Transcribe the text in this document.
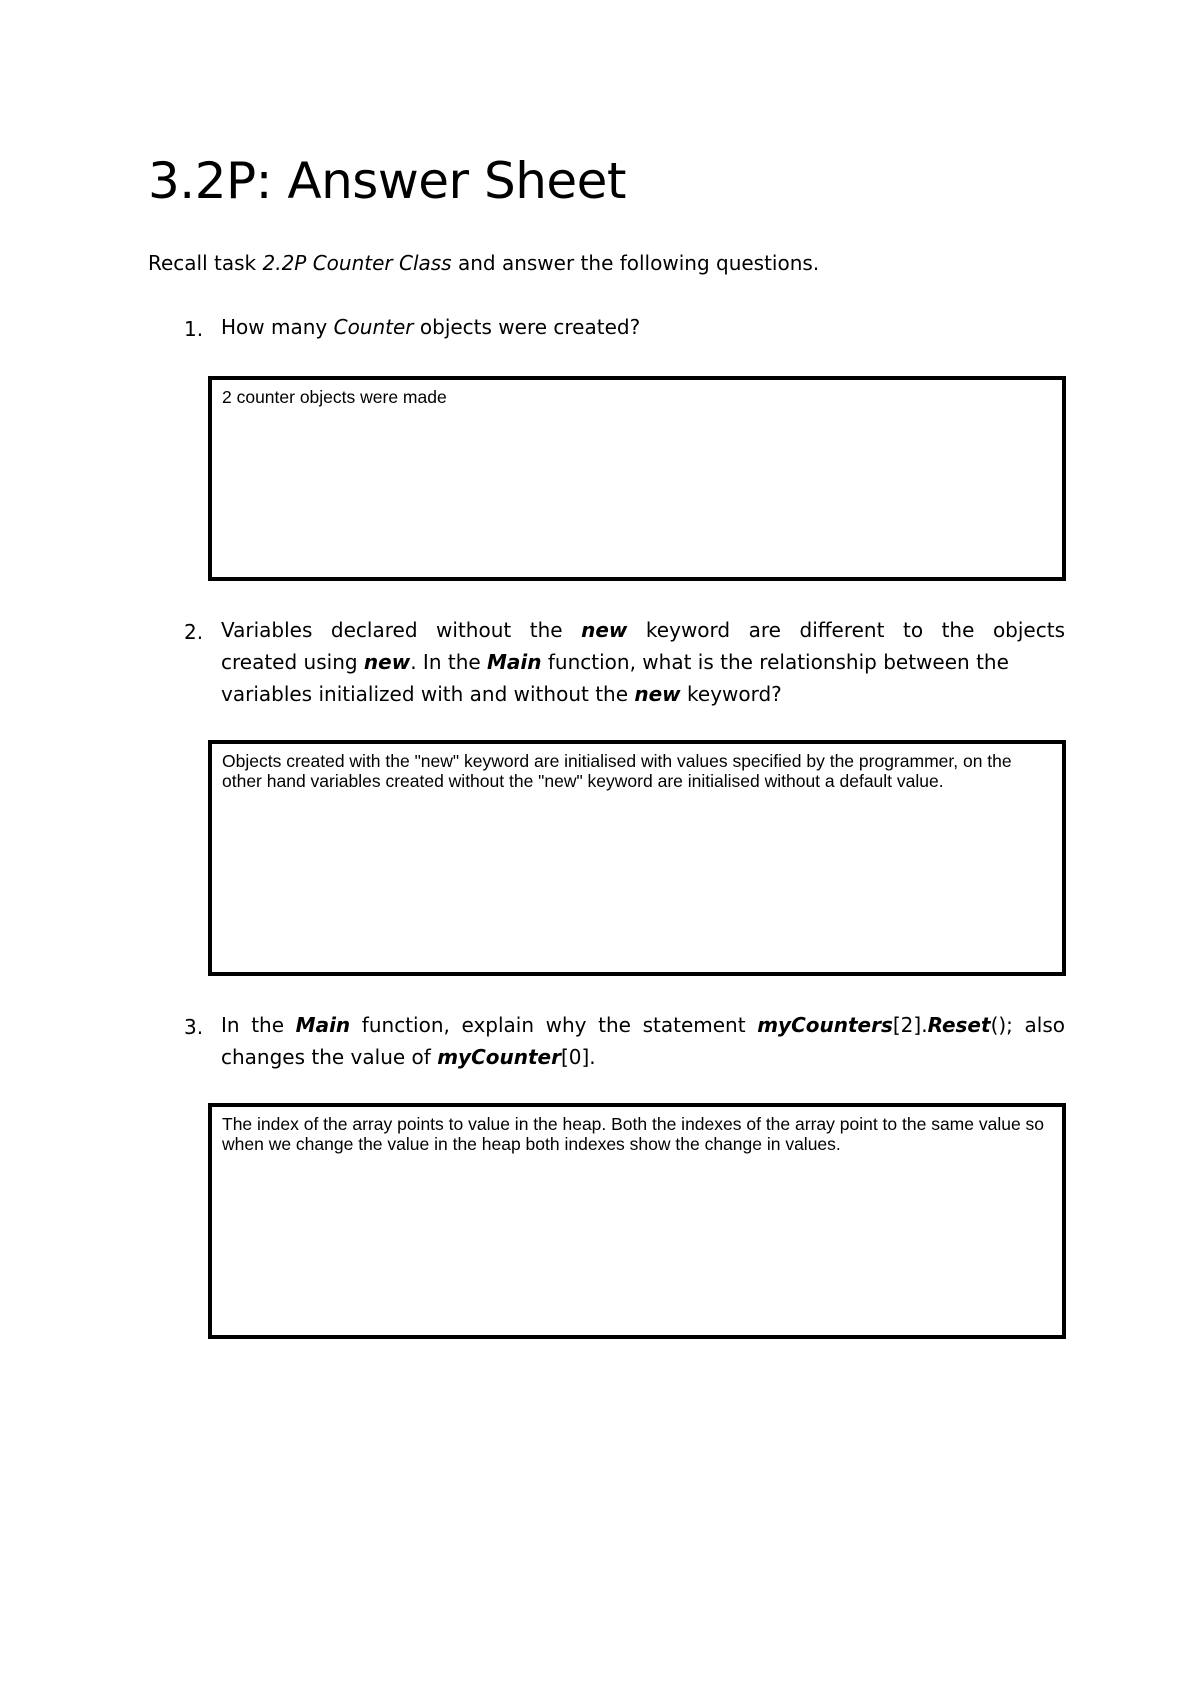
3.2P: Answer Sheet
Recall task 2.2P Counter Class and answer the following questions.
1. How many Counter objects were created?
2 counter objects were made
2. Variables declared without the new keyword are different to the objects
created using new. In the Main function, what is the relationship between the
variables initialized with and without the new keyword?
Objects created with the "new" keyword are initialised with values specified by the programmer, on the other hand variables created without the "new" keyword are initialised without a default value.
3. In the Main function, explain why the statement myCounters[2].Reset(); also
changes the value of myCounter[0].
The index of the array points to value in the heap. Both the indexes of the array point to the same value so when we change the value in the heap both indexes show the change in values.
